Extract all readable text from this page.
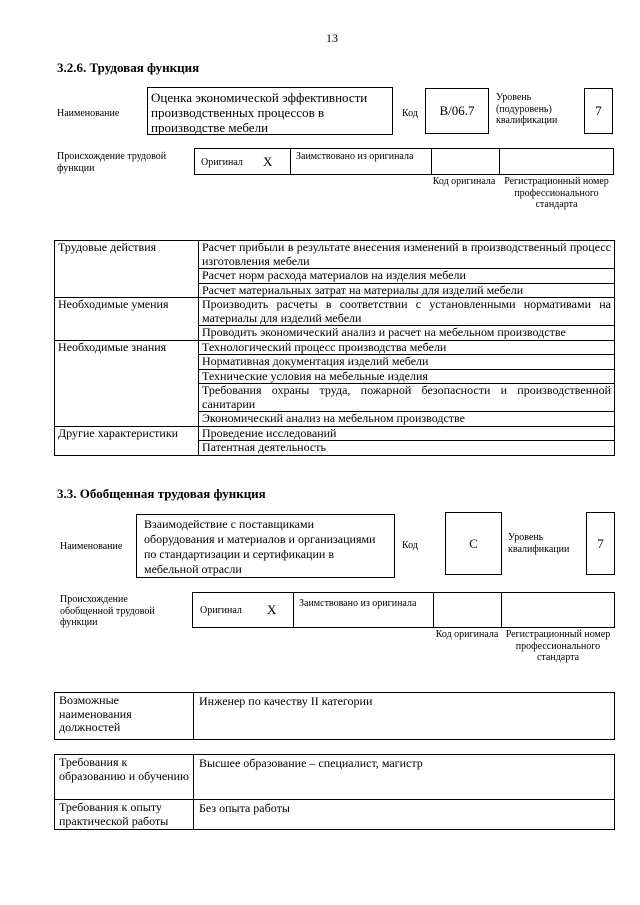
13
3.2.6. Трудовая функция
Наименование
Оценка экономической эффективности производственных процессов в производстве мебели
Код	B/06.7
Уровень (подуровень) квалификации
7
Происхождение трудовой функции	Оригинал X Заимствовано из оригинала
Код оригинала Регистрационный номер профессионального стандарта
Трудовые действия	Расчет прибыли в результате внесения изменений в производственный процесс изготовления мебели
	Расчет норм расхода материалов на изделия мебели
	Расчет материальных затрат на материалы для изделий мебели
Необходимые умения	Производить расчеты в соответствии с установленными нормативами на материалы для изделий мебели
	Проводить экономический анализ и расчет на мебельном производстве
Необходимые знания	Технологический процесс производства мебели
	Нормативная документация изделий мебели
	Технические условия на мебельные изделия
	Требования охраны труда, пожарной безопасности и производственной санитарии
	Экономический анализ на мебельном производстве
Другие характеристики	Проведение исследований
	Патентная деятельность
3.3. Обобщенная трудовая функция
Наименование
Взаимодействие с поставщиками оборудования и материалов и организациями по стандартизации и сертификации в мебельной отрасли
Код	C	Уровень квалификации	7
Происхождение обобщенной трудовой функции
Оригинал X Заимствовано из оригинала
Код оригинала Регистрационный номер профессионального стандарта
Возможные наименования должностей	Инженер по качеству II категории
Требования к образованию и обучению	Высшее образование – специалист, магистр
Требования к опыту практической работы	Без опыта работы
